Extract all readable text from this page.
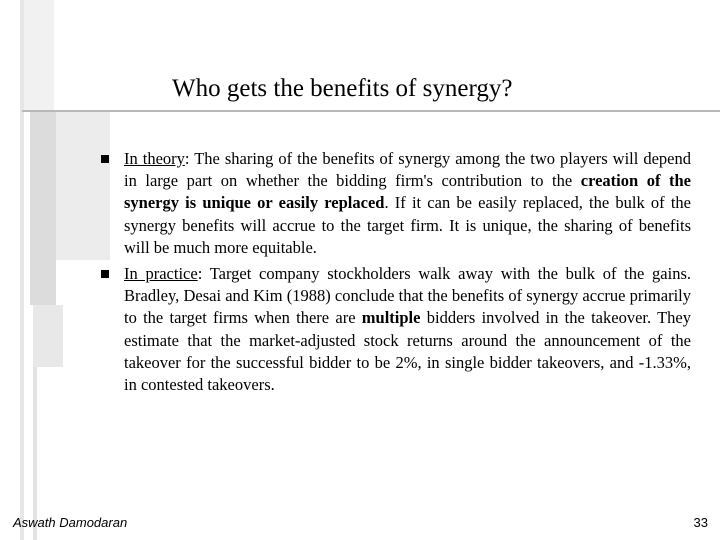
Who gets the benefits of synergy?

In theory: The sharing of the benefits of synergy among the two players will depend in large part on whether the bidding firm's contribution to the creation of the synergy is unique or easily replaced. If it can be easily replaced, the bulk of the synergy benefits will accrue to the target firm. It is unique, the sharing of benefits will be much more equitable.

In practice: Target company stockholders walk away with the bulk of the gains. Bradley, Desai and Kim (1988) conclude that the benefits of synergy accrue primarily to the target firms when there are multiple bidders involved in the takeover. They estimate that the market-adjusted stock returns around the announcement of the takeover for the successful bidder to be 2%, in single bidder takeovers, and -1.33%, in contested takeovers.

Aswath Damodaran	33
